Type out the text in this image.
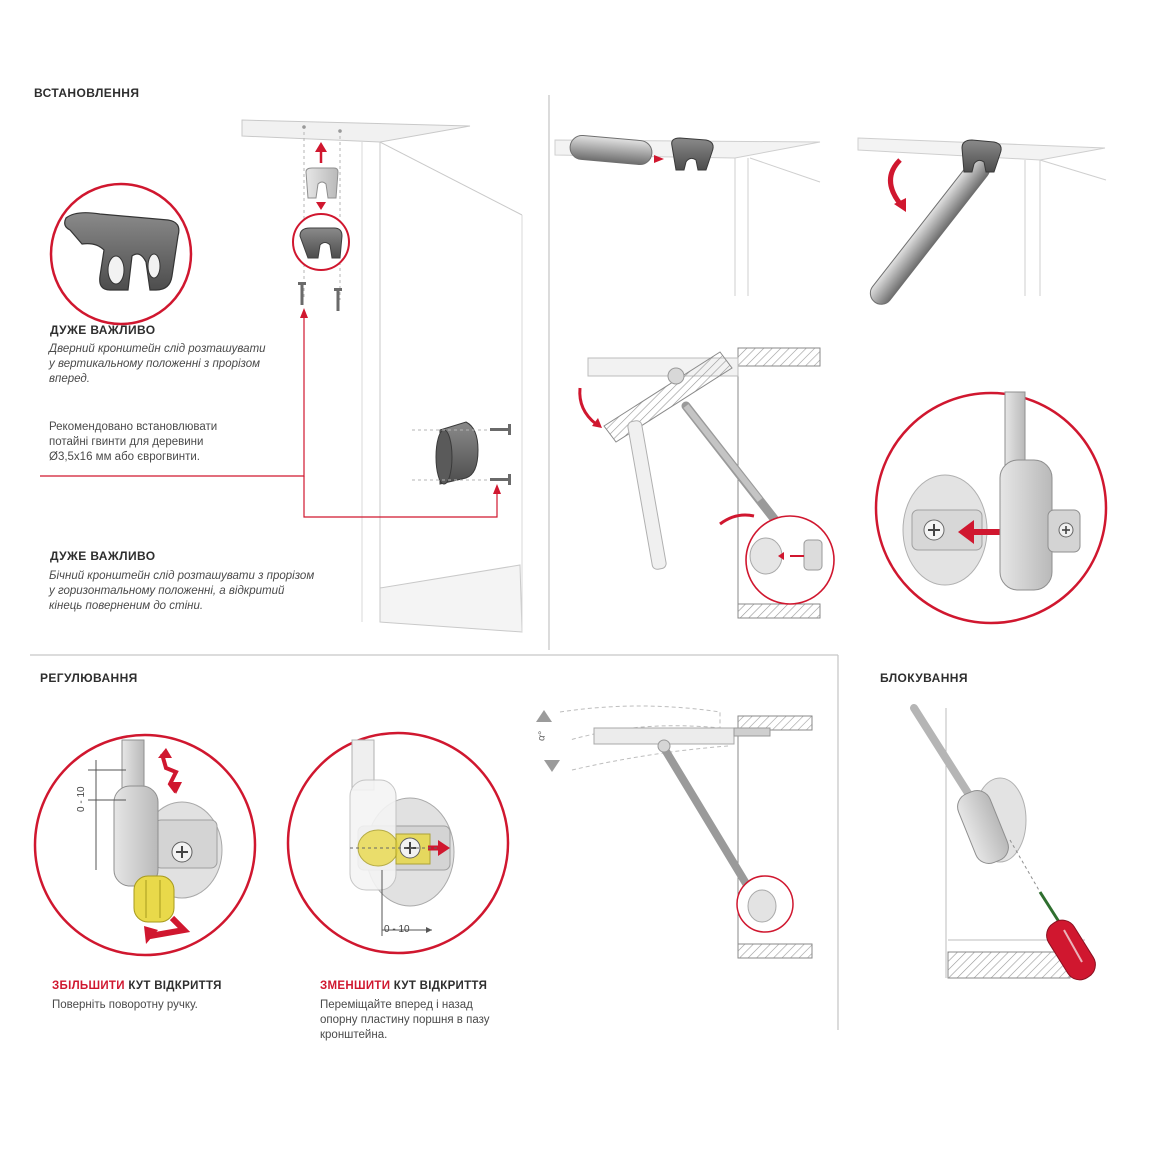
ВСТАНОВЛЕННЯ
ДУЖЕ ВАЖЛИВО
Дверний кронштейн слід розташувати
у вертикальному положенні з прорізом
вперед.
Рекомендовано встановлювати
потайні гвинти для деревини
Ø3,5x16 мм або єврогвинти.
ДУЖЕ ВАЖЛИВО
Бічний кронштейн слід розташувати з прорізом
у горизонтальному положенні, а відкритий
кінець поверненим до стіни.
РЕГУЛЮВАННЯ	БЛОКУВАННЯ
ЗБІЛЬШИТИ КУТ ВІДКРИТТЯ
Поверніть поворотну ручку.
ЗМЕНШИТИ КУТ ВІДКРИТТЯ
Переміщайте вперед і назад
опорну пластину поршня в пазу
кронштейна.
0 - 10
0 - 10
α°
